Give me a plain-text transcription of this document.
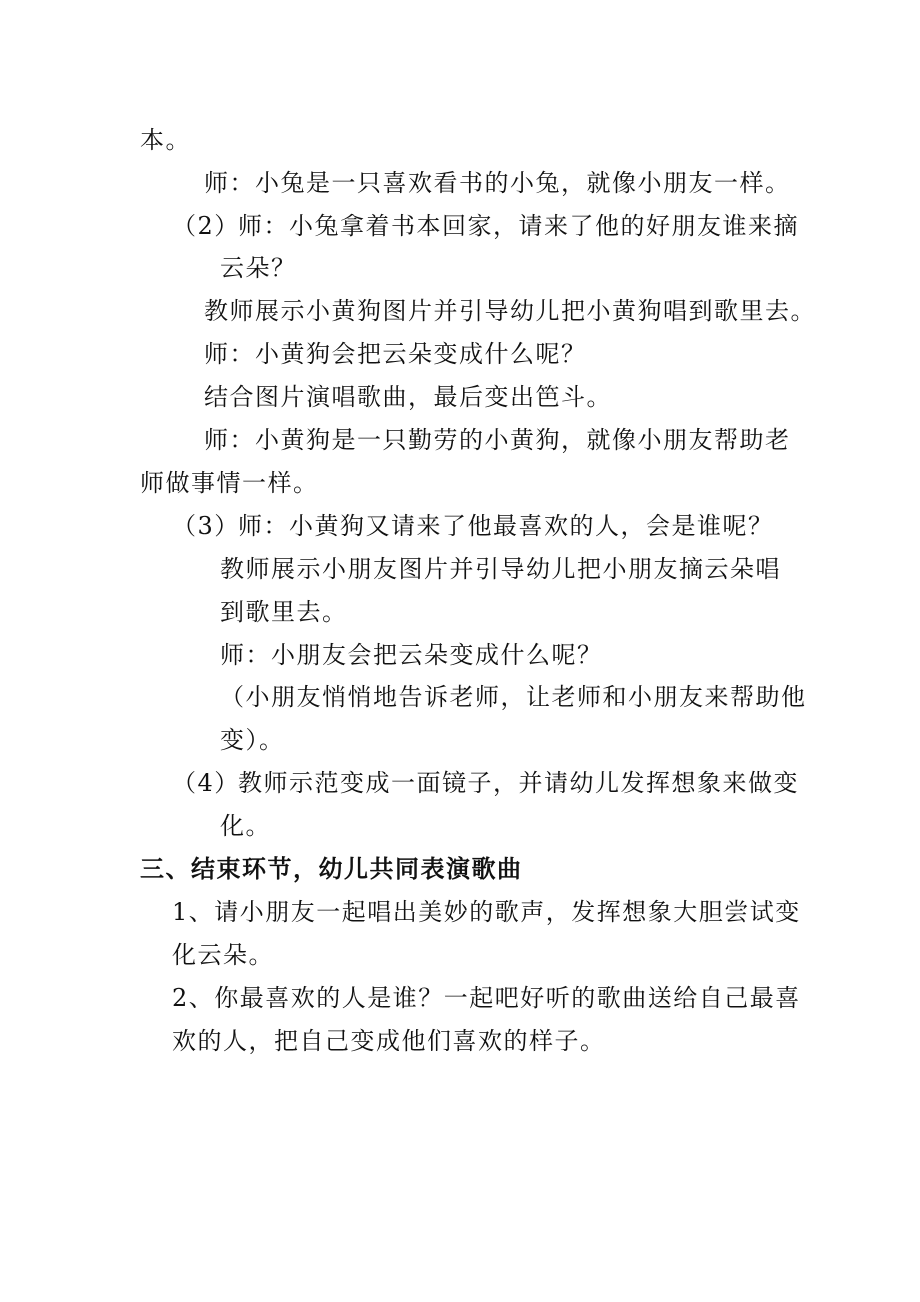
本。
师：小兔是一只喜欢看书的小兔，就像小朋友一样。
（2）师：小兔拿着书本回家，请来了他的好朋友谁来摘
云朵？
教师展示小黄狗图片并引导幼儿把小黄狗唱到歌里去。
师：小黄狗会把云朵变成什么呢？
结合图片演唱歌曲，最后变出笆斗。
师：小黄狗是一只勤劳的小黄狗，就像小朋友帮助老
师做事情一样。
（3）师：小黄狗又请来了他最喜欢的人，会是谁呢？
教师展示小朋友图片并引导幼儿把小朋友摘云朵唱
到歌里去。
师：小朋友会把云朵变成什么呢？
（小朋友悄悄地告诉老师，让老师和小朋友来帮助他
变）。
（4）教师示范变成一面镜子，并请幼儿发挥想象来做变
化。
三、结束环节，幼儿共同表演歌曲
1、请小朋友一起唱出美妙的歌声，发挥想象大胆尝试变
化云朵。
2、你最喜欢的人是谁？一起吧好听的歌曲送给自己最喜
欢的人，把自己变成他们喜欢的样子。
